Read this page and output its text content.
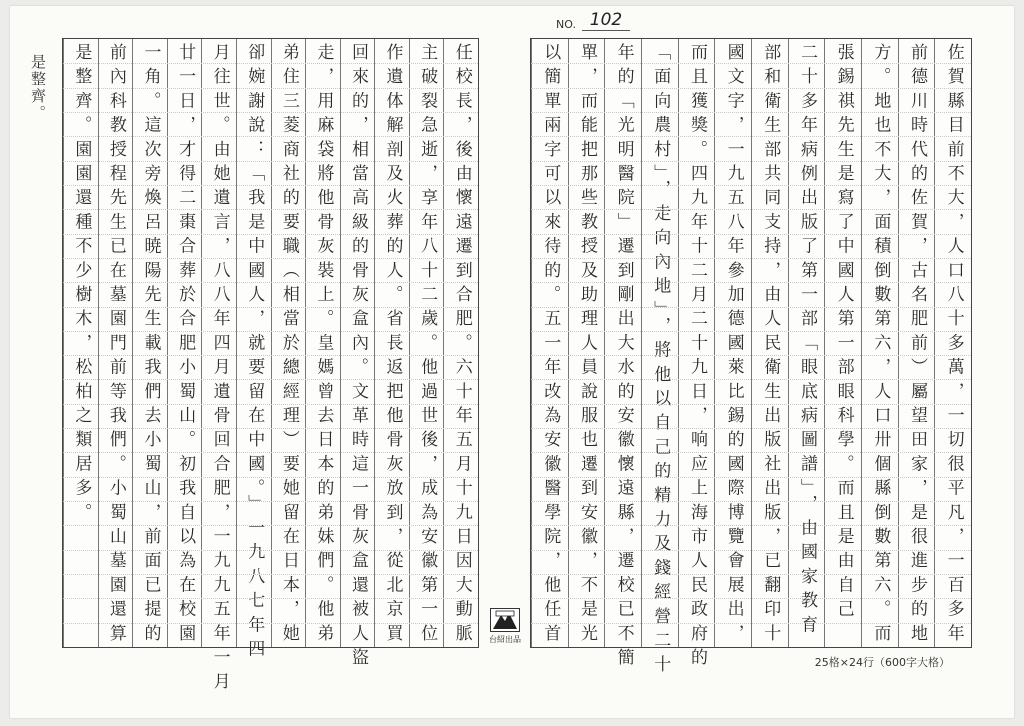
NO. 102
是整齊。	任校長，後由懷遠遷到合肥。六十年五月十九日因大動脈
主破裂急逝，享年八十二歲。他過世後，成為安徽第一位
作遺体解剖及火葬的人。省長返把他骨灰放到，從北京買
回來的，相當高級的骨灰盒內。文革時這一骨灰盒還被人盜
走，用麻袋將他骨灰裝上。皇媽曾去日本的弟妹們。他弟
弟住三菱商社的要職（相當於總經理）要她留在日本，她
卻婉謝說：「我是中國人，就要留在中國。」一九八七年四
月往世。由她遺言，八八年四月遺骨回合肥，一九九五年一月
廿一日，才得二棗合葬於合肥小蜀山。初我自以為在校園
一角。這次旁煥呂暁陽先生載我們去小蜀山，前面已提的
前內科教授程先生已在墓園門前等我們。小蜀山墓園還算
是整齊。園園還種不少樹木，松柏之類居多。
台紹出品	佐賀縣目前不大，人口八十多萬，一切很平凡，一百多年
前德川時代的佐賀，古名肥前）屬望田家，是很進步的地
方。地也不大，面積倒數第六，人口卅個縣倒數第六。而
張錫祺先生是寫了中國人第一部眼科學。而且是由自己
二十多年病例出版了第一部「眼底病圖譜」，由國家教育
部和衛生部共同支持，由人民衛生出版社出版，已翻印十
國文字，一九五八年參加德國萊比錫的國際博覽會展出，
而且獲獎。四九年十二月二十九日，响应上海市人民政府的
「面向農村」，走向內地」，將他以自己的精力及錢經營二十
年的「光明醫院」遷到剛出大水的安徽懷遠縣，遷校已不簡
單，而能把那些教授及助理人員說服也遷到安徽，不是光
以簡單兩字可以來待的。五一年改為安徽醫學院，他任首
25格×24行（600字大格）
